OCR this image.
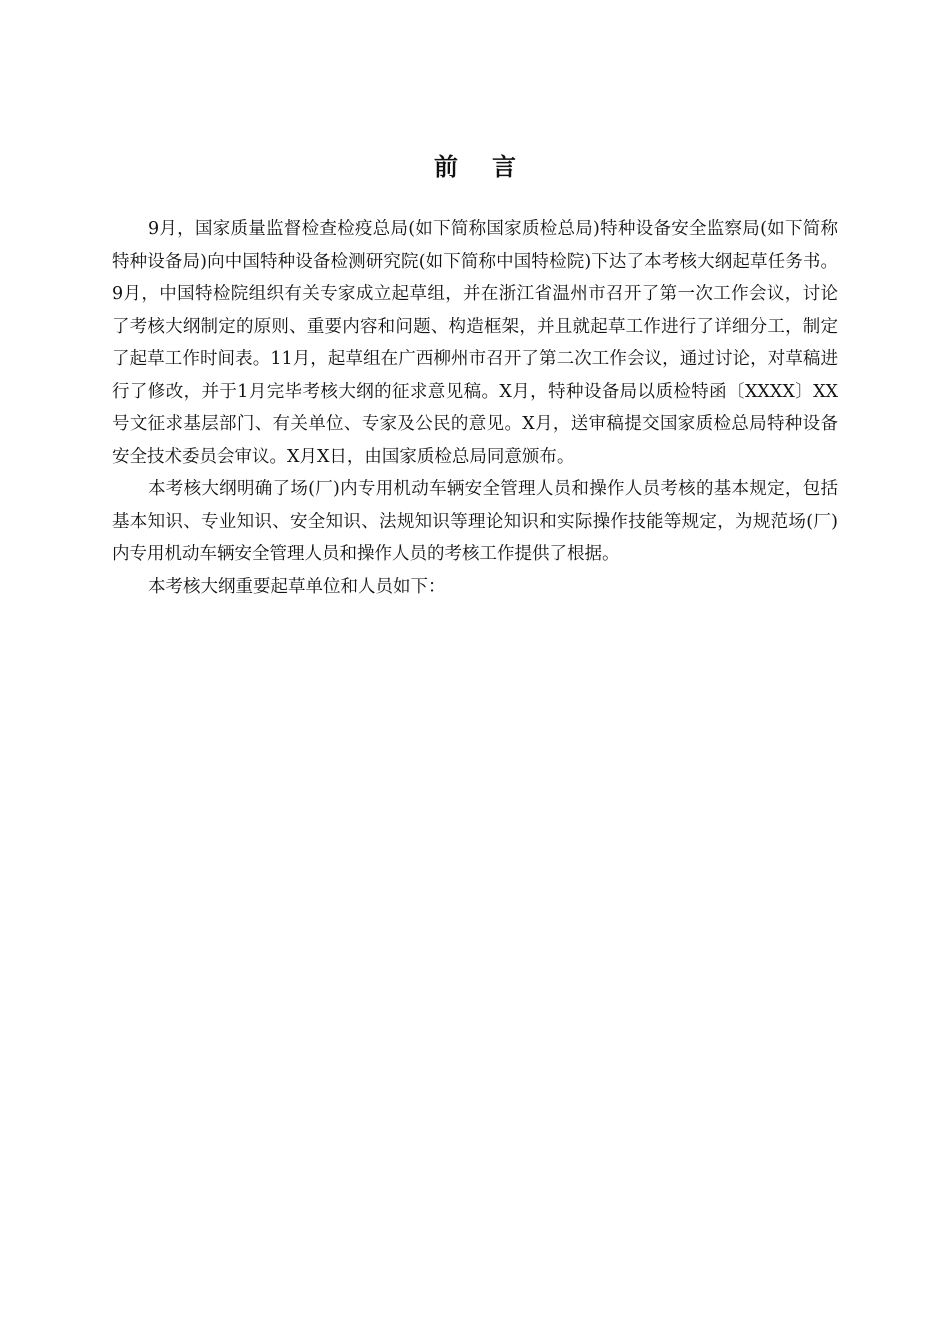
前 言

9月，国家质量监督检查检疫总局(如下简称国家质检总局)特种设备安全监察局(如下简称特种设备局)向中国特种设备检测研究院(如下简称中国特检院)下达了本考核大纲起草任务书。9月，中国特检院组织有关专家成立起草组，并在浙江省温州市召开了第一次工作会议，讨论了考核大纲制定的原则、重要内容和问题、构造框架，并且就起草工作进行了详细分工，制定了起草工作时间表。11月，起草组在广西柳州市召开了第二次工作会议，通过讨论，对草稿进行了修改，并于1月完毕考核大纲的征求意见稿。X月，特种设备局以质检特函〔XXXX〕XX号文征求基层部门、有关单位、专家及公民的意见。X月，送审稿提交国家质检总局特种设备安全技术委员会审议。X月X日，由国家质检总局同意颁布。

本考核大纲明确了场(厂)内专用机动车辆安全管理人员和操作人员考核的基本规定，包括基本知识、专业知识、安全知识、法规知识等理论知识和实际操作技能等规定，为规范场(厂)内专用机动车辆安全管理人员和操作人员的考核工作提供了根据。

本考核大纲重要起草单位和人员如下：
